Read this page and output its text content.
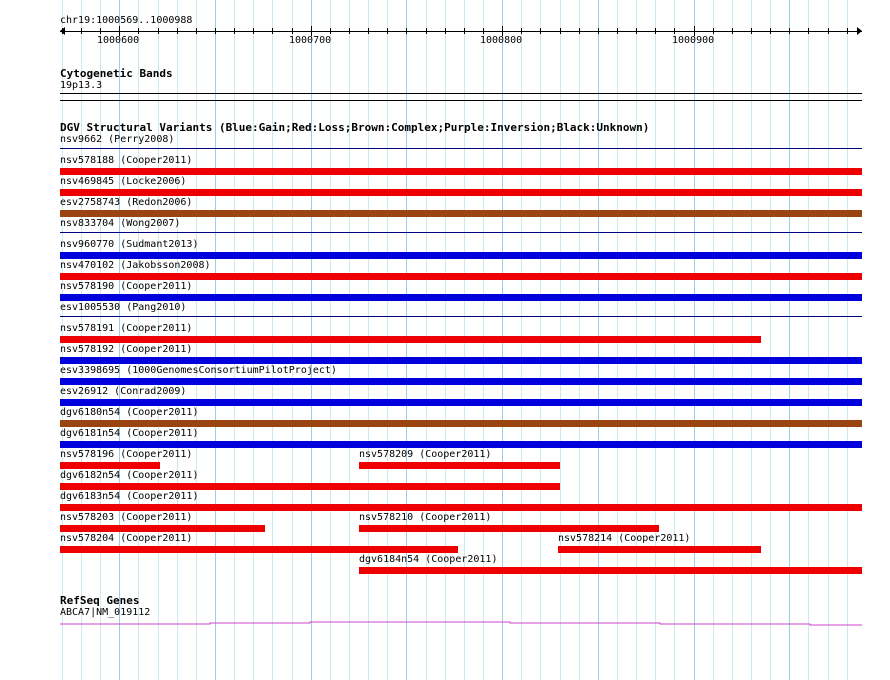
chr19:1000569..1000988
1000600	1000700	1000800	1000900
Cytogenetic Bands
19p13.3
DGV Structural Variants (Blue:Gain;Red:Loss;Brown:Complex;Purple:Inversion;Black:Unknown)
nsv9662 (Perry2008)
nsv578188 (Cooper2011)
nsv469845 (Locke2006)
esv2758743 (Redon2006)
nsv833704 (Wong2007)
nsv960770 (Sudmant2013)
nsv470102 (Jakobsson2008)
nsv578190 (Cooper2011)
esv1005530 (Pang2010)
nsv578191 (Cooper2011)
nsv578192 (Cooper2011)
esv3398695 (1000GenomesConsortiumPilotProject)
esv26912 (Conrad2009)
dgv6180n54 (Cooper2011)
dgv6181n54 (Cooper2011)
nsv578196 (Cooper2011)	nsv578209 (Cooper2011)
dgv6182n54 (Cooper2011)
dgv6183n54 (Cooper2011)
nsv578203 (Cooper2011)	nsv578210 (Cooper2011)
nsv578204 (Cooper2011)	nsv578214 (Cooper2011)
dgv6184n54 (Cooper2011)
RefSeq Genes
ABCA7|NM_019112
